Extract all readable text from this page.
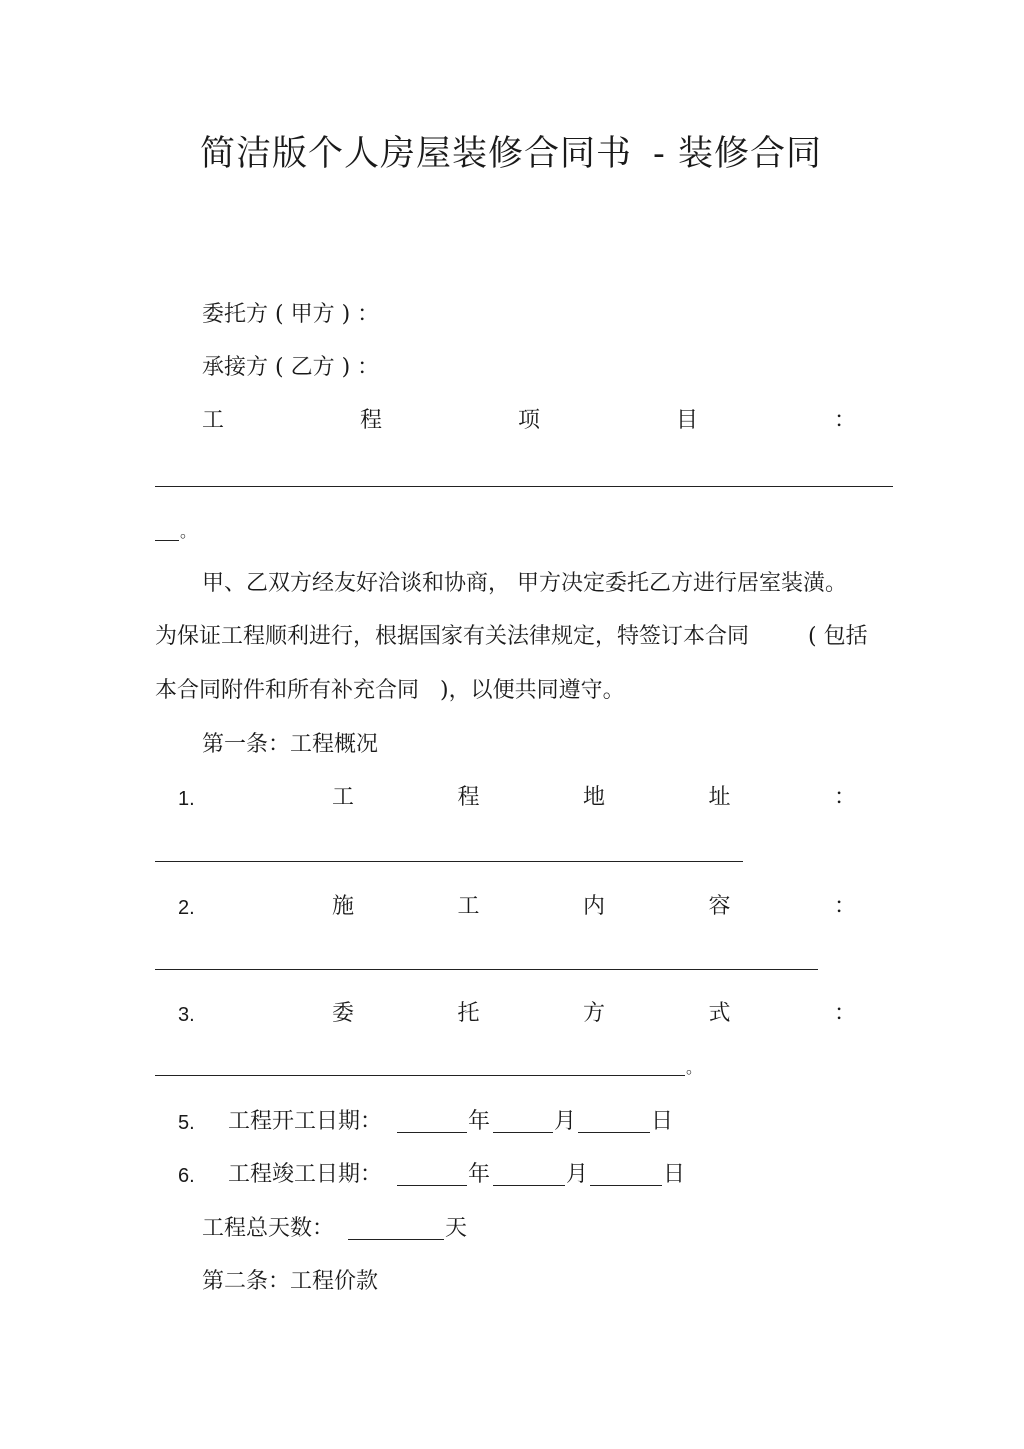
简洁版个人房屋装修合同书 - 装修合同
委托方 ( 甲方 ) ：
承接方 ( 乙方 ) ：
工	程	项	目	：
。
甲、乙双方经友好洽谈和协商， 甲方决定委托乙方进行居室装潢。
为保证工程顺利进行，根据国家有关法律规定，特签订本合同	( 包括
本合同附件和所有补充合同 )，以便共同遵守。
第一条：工程概况
1.	工	程	地	址	：
2.	施	工	内	容	：
3.	委	托	方	式	：
。
5. 工程开工日期：	年	月	日
6. 工程竣工日期：	年	月	日
工程总天数：	天
第二条：工程价款
